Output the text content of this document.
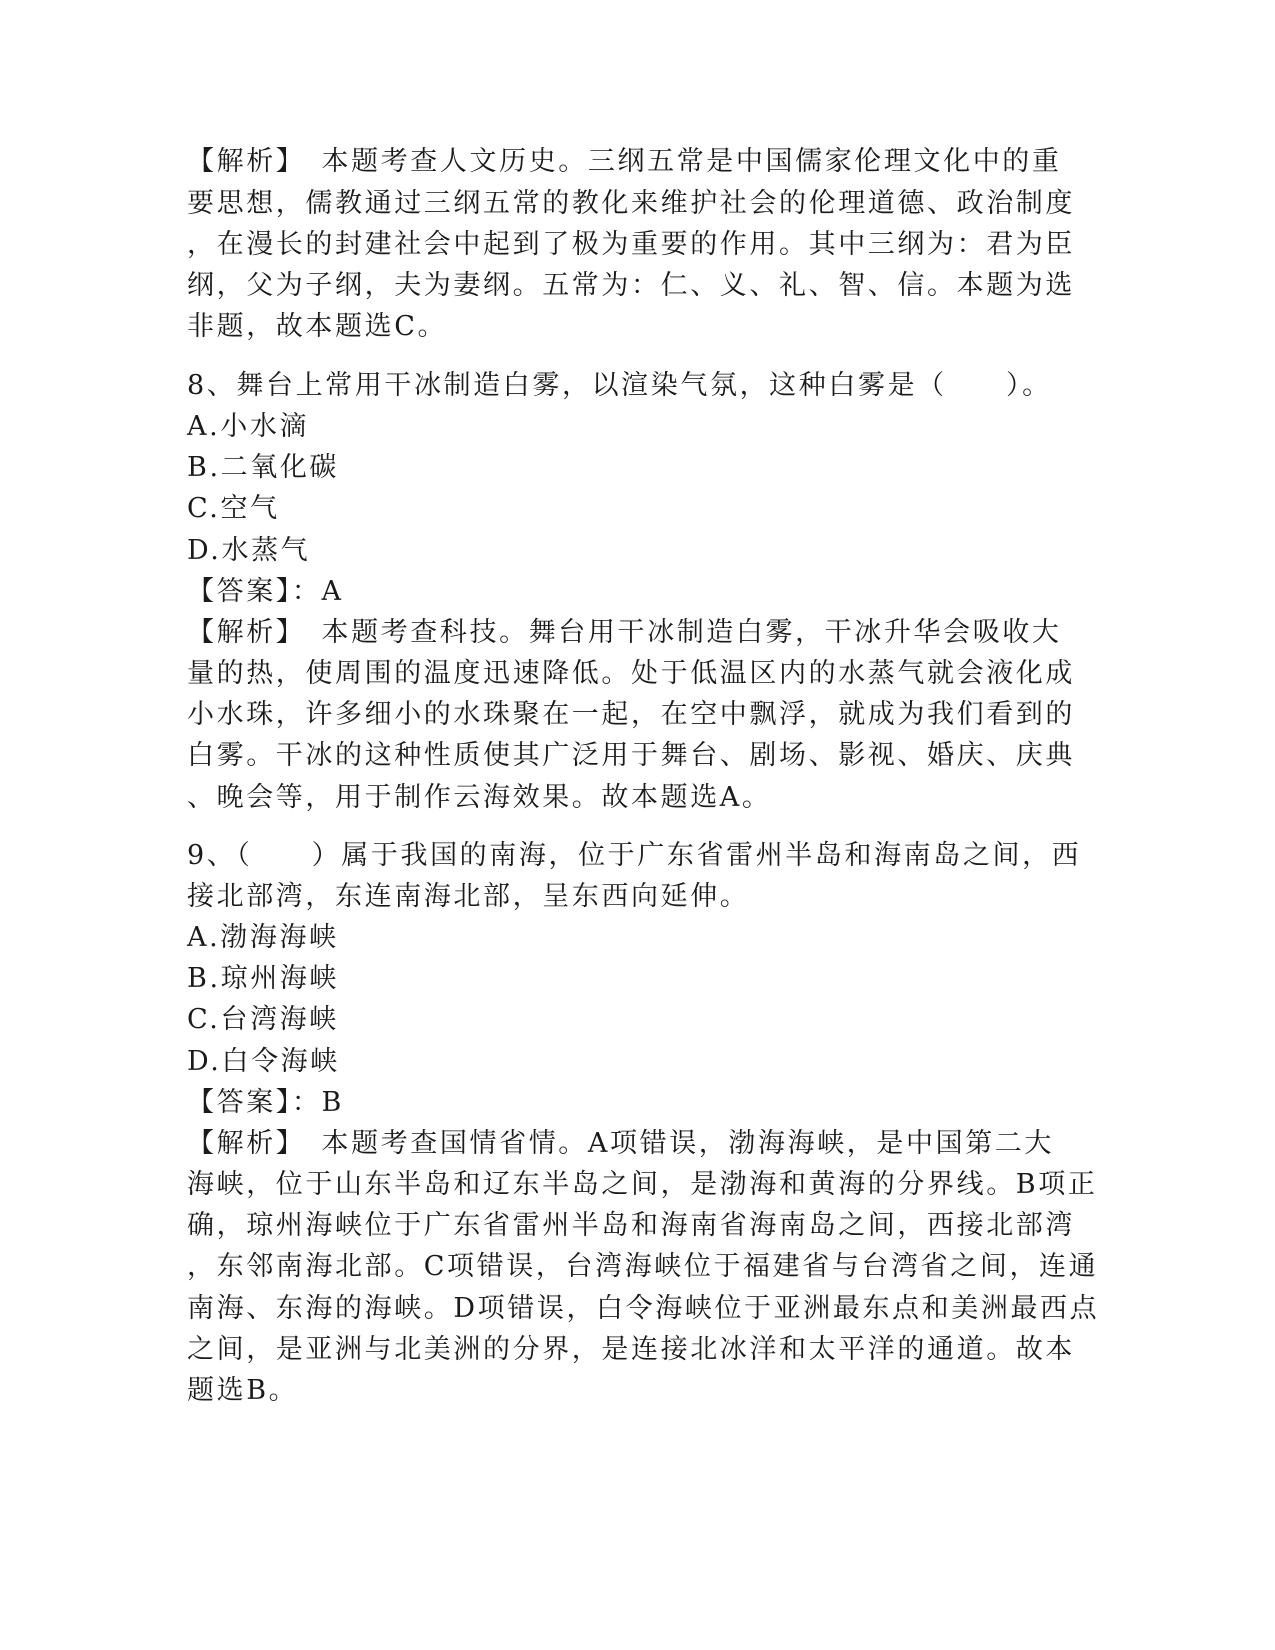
【解析】　本题考查人文历史。三纲五常是中国儒家伦理文化中的重
要思想，儒教通过三纲五常的教化来维护社会的伦理道德、政治制度
，在漫长的封建社会中起到了极为重要的作用。其中三纲为：君为臣
纲，父为子纲，夫为妻纲。五常为：仁、义、礼、智、信。本题为选
非题，故本题选C。
8、舞台上常用干冰制造白雾，以渲染气氛，这种白雾是（　　）。
A.小水滴
B.二氧化碳
C.空气
D.水蒸气
【答案】：A
【解析】　本题考查科技。舞台用干冰制造白雾，干冰升华会吸收大
量的热，使周围的温度迅速降低。处于低温区内的水蒸气就会液化成
小水珠，许多细小的水珠聚在一起，在空中飘浮，就成为我们看到的
白雾。干冰的这种性质使其广泛用于舞台、剧场、影视、婚庆、庆典
、晚会等，用于制作云海效果。故本题选A。
9、（　　）属于我国的南海，位于广东省雷州半岛和海南岛之间，西
接北部湾，东连南海北部，呈东西向延伸。
A.渤海海峡
B.琼州海峡
C.台湾海峡
D.白令海峡
【答案】：B
【解析】　本题考查国情省情。A项错误，渤海海峡，是中国第二大
海峡，位于山东半岛和辽东半岛之间，是渤海和黄海的分界线。B项正
确，琼州海峡位于广东省雷州半岛和海南省海南岛之间，西接北部湾
，东邻南海北部。C项错误，台湾海峡位于福建省与台湾省之间，连通
南海、东海的海峡。D项错误，白令海峡位于亚洲最东点和美洲最西点
之间，是亚洲与北美洲的分界，是连接北冰洋和太平洋的通道。故本
题选B。
